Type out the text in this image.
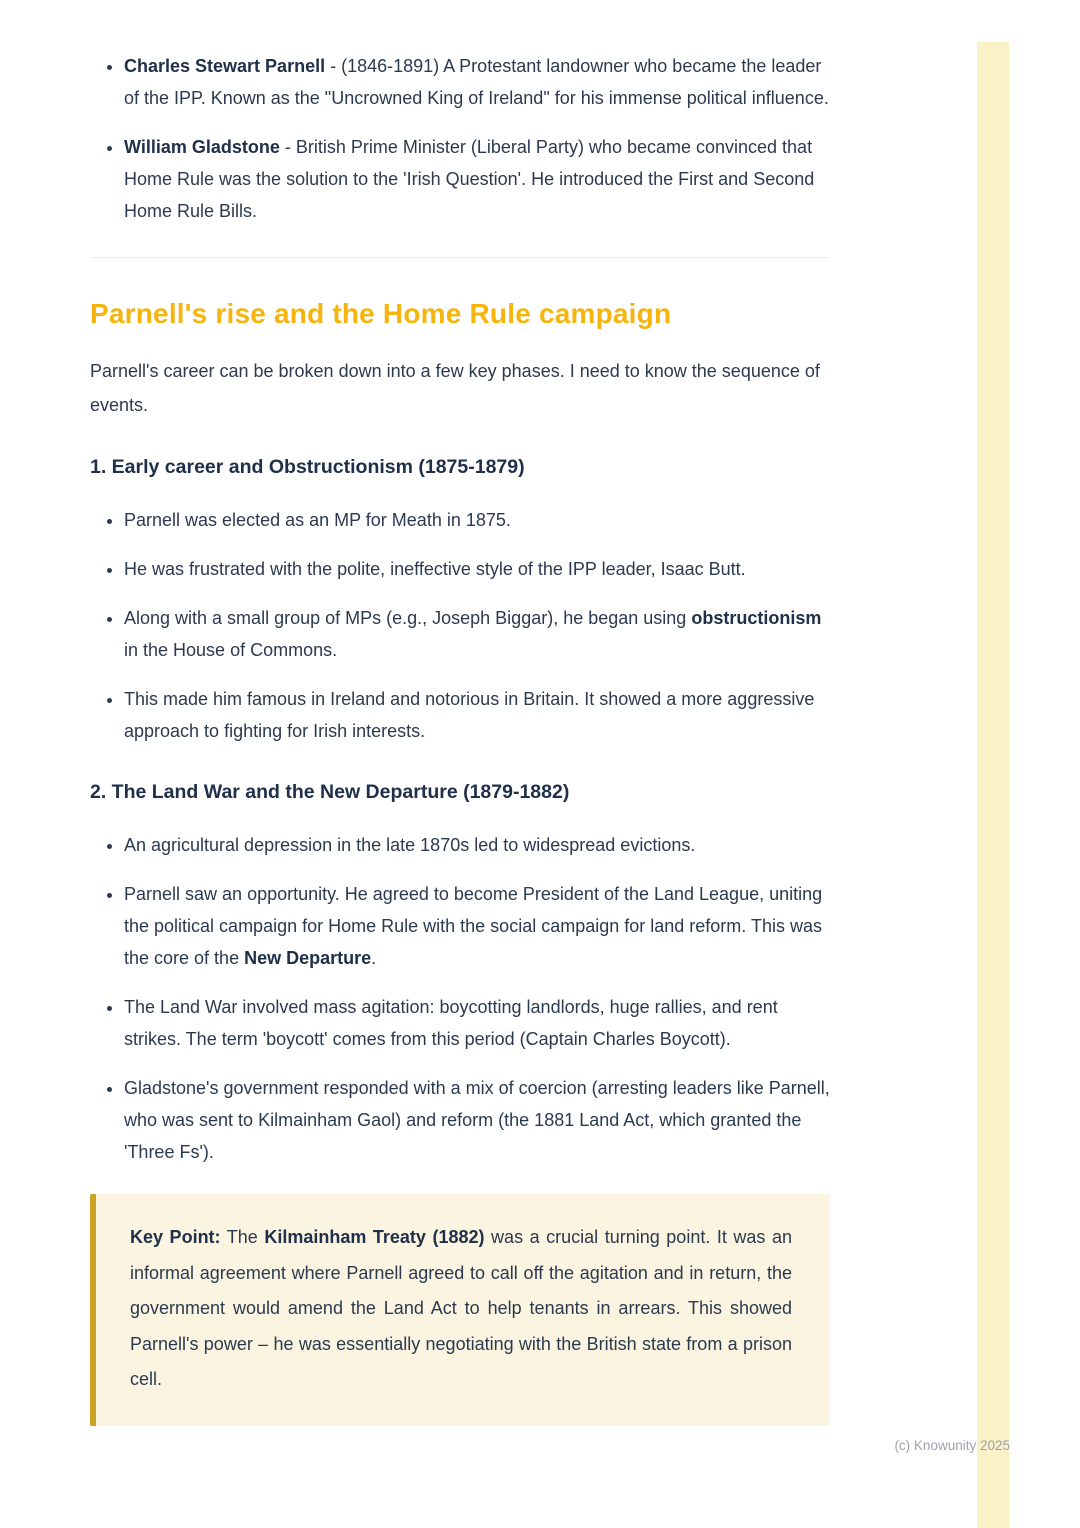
• Charles Stewart Parnell - (1846-1891) A Protestant landowner who became the leader of the IPP. Known as the "Uncrowned King of Ireland" for his immense political influence.
• William Gladstone - British Prime Minister (Liberal Party) who became convinced that Home Rule was the solution to the 'Irish Question'. He introduced the First and Second Home Rule Bills.
Parnell's rise and the Home Rule campaign

Parnell's career can be broken down into a few key phases. I need to know the sequence of events.

1. Early career and Obstructionism (1875-1879)
• Parnell was elected as an MP for Meath in 1875.
• He was frustrated with the polite, ineffective style of the IPP leader, Isaac Butt.
• Along with a small group of MPs (e.g., Joseph Biggar), he began using obstructionism in the House of Commons.
• This made him famous in Ireland and notorious in Britain. It showed a more aggressive approach to fighting for Irish interests.
2. The Land War and the New Departure (1879-1882)
• An agricultural depression in the late 1870s led to widespread evictions.
• Parnell saw an opportunity. He agreed to become President of the Land League, uniting the political campaign for Home Rule with the social campaign for land reform. This was the core of the New Departure.
• The Land War involved mass agitation: boycotting landlords, huge rallies, and rent strikes. The term 'boycott' comes from this period (Captain Charles Boycott).
• Gladstone's government responded with a mix of coercion (arresting leaders like Parnell, who was sent to Kilmainham Gaol) and reform (the 1881 Land Act, which granted the 'Three Fs').

Key Point: The Kilmainham Treaty (1882) was a crucial turning point. It was an informal agreement where Parnell agreed to call off the agitation and in return, the government would amend the Land Act to help tenants in arrears. This showed Parnell's power – he was essentially negotiating with the British state from a prison cell.

(c) Knowunity 2025
